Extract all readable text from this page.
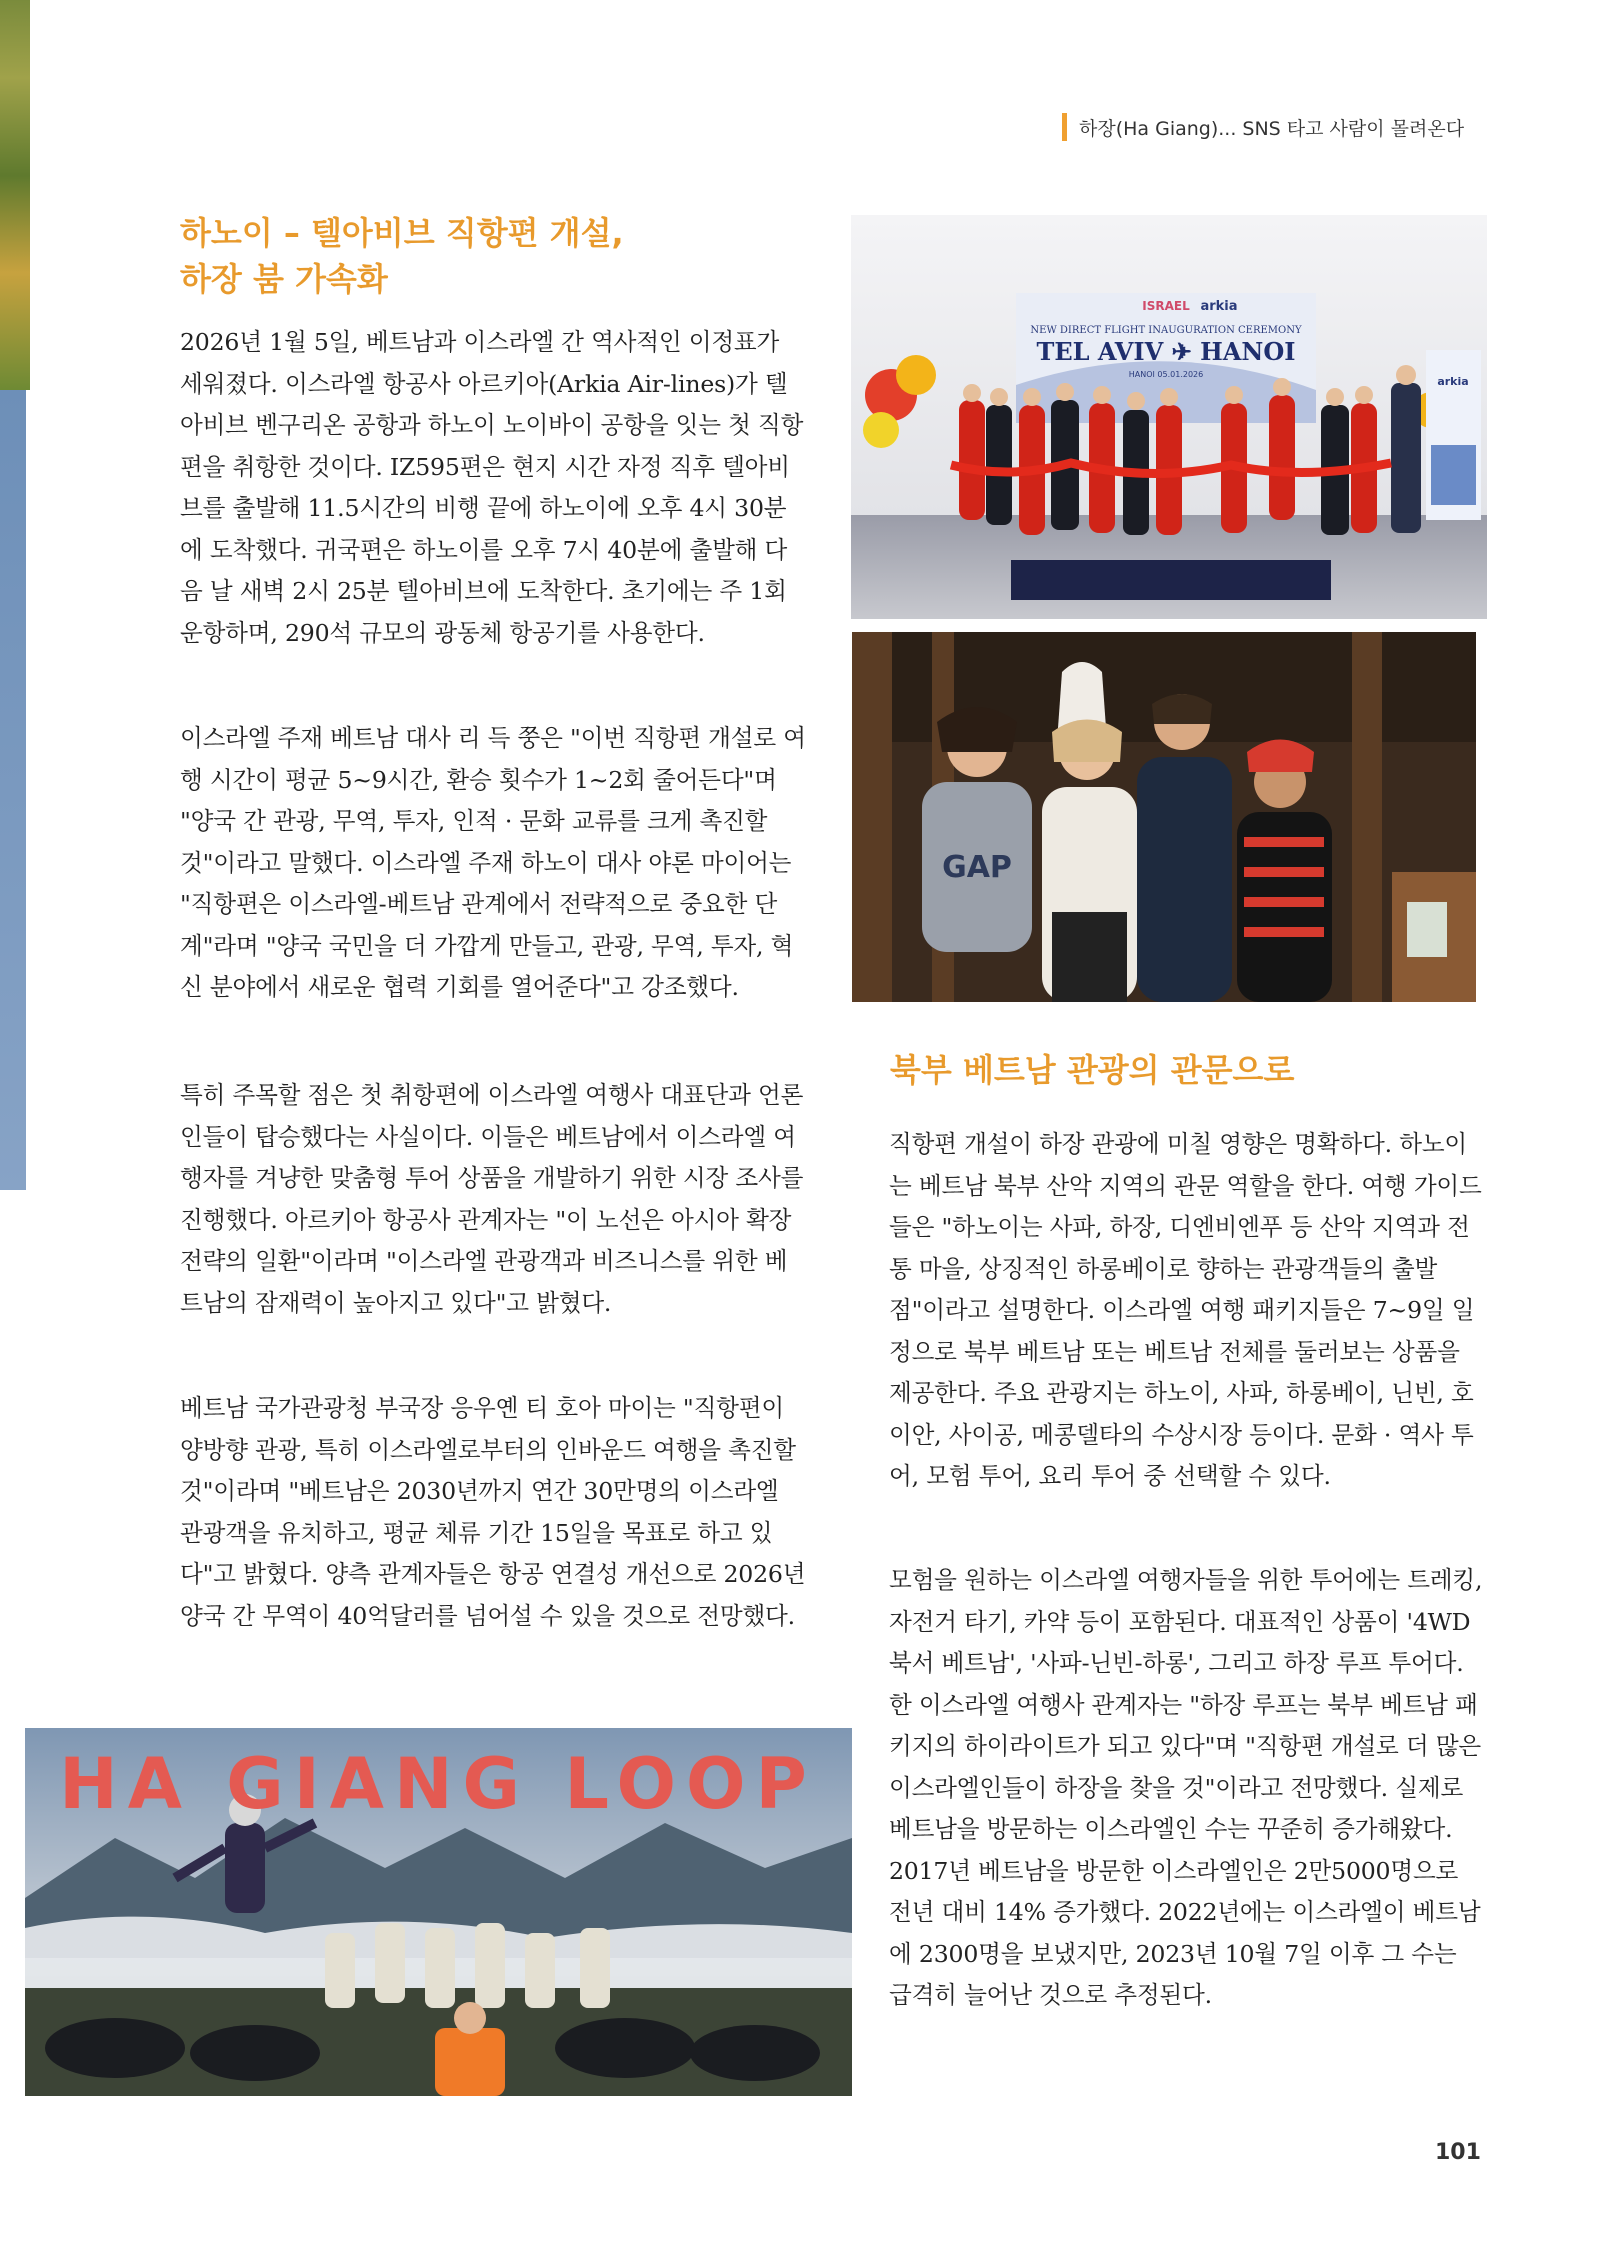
하장(Ha Giang)... SNS 타고 사람이 몰려온다
하노이 – 텔아비브 직항편 개설,
하장 붐 가속화

2026년 1월 5일, 베트남과 이스라엘 간 역사적인 이정표가 세워졌다. 이스라엘 항공사 아르키아(Arkia Air-lines)가 텔아비브 벤구리온 공항과 하노이 노이바이 공항을 잇는 첫 직항편을 취항한 것이다. IZ595편은 현지 시간 자정 직후 텔아비브를 출발해 11.5시간의 비행 끝에 하노이에 오후 4시 30분에 도착했다. 귀국편은 하노이를 오후 7시 40분에 출발해 다음 날 새벽 2시 25분 텔아비브에 도착한다. 초기에는 주 1회 운항하며, 290석 규모의 광동체 항공기를 사용한다.

이스라엘 주재 베트남 대사 리 득 쭝은 "이번 직항편 개설로 여행 시간이 평균 5~9시간, 환승 횟수가 1~2회 줄어든다"며 "양국 간 관광, 무역, 투자, 인적 · 문화 교류를 크게 촉진할 것"이라고 말했다. 이스라엘 주재 하노이 대사 야론 마이어는 "직항편은 이스라엘-베트남 관계에서 전략적으로 중요한 단계"라며 "양국 국민을 더 가깝게 만들고, 관광, 무역, 투자, 혁신 분야에서 새로운 협력 기회를 열어준다"고 강조했다.

특히 주목할 점은 첫 취항편에 이스라엘 여행사 대표단과 언론인들이 탑승했다는 사실이다. 이들은 베트남에서 이스라엘 여행자를 겨냥한 맞춤형 투어 상품을 개발하기 위한 시장 조사를 진행했다. 아르키아 항공사 관계자는 "이 노선은 아시아 확장 전략의 일환"이라며 "이스라엘 관광객과 비즈니스를 위한 베트남의 잠재력이 높아지고 있다"고 밝혔다.

베트남 국가관광청 부국장 응우옌 티 호아 마이는 "직항편이 양방향 관광, 특히 이스라엘로부터의 인바운드 여행을 촉진할 것"이라며 "베트남은 2030년까지 연간 30만명의 이스라엘 관광객을 유치하고, 평균 체류 기간 15일을 목표로 하고 있다"고 밝혔다. 양측 관계자들은 항공 연결성 개선으로 2026년 양국 간 무역이 40억달러를 넘어설 수 있을 것으로 전망했다.

ISRAEL arkia
NEW DIRECT FLIGHT INAUGURATION CEREMONY
TEL AVIV ✈ HANOI
HANOI 05.01.2026
arkia
GAP
북부 베트남 관광의 관문으로

직항편 개설이 하장 관광에 미칠 영향은 명확하다. 하노이는 베트남 북부 산악 지역의 관문 역할을 한다. 여행 가이드들은 "하노이는 사파, 하장, 디엔비엔푸 등 산악 지역과 전통 마을, 상징적인 하롱베이로 향하는 관광객들의 출발점"이라고 설명한다. 이스라엘 여행 패키지들은 7~9일 일정으로 북부 베트남 또는 베트남 전체를 둘러보는 상품을 제공한다. 주요 관광지는 하노이, 사파, 하롱베이, 닌빈, 호이안, 사이공, 메콩델타의 수상시장 등이다. 문화 · 역사 투어, 모험 투어, 요리 투어 중 선택할 수 있다.

모험을 원하는 이스라엘 여행자들을 위한 투어에는 트레킹, 자전거 타기, 카약 등이 포함된다. 대표적인 상품이 '4WD 북서 베트남', '사파-닌빈-하롱', 그리고 하장 루프 투어다. 한 이스라엘 여행사 관계자는 "하장 루프는 북부 베트남 패키지의 하이라이트가 되고 있다"며 "직항편 개설로 더 많은 이스라엘인들이 하장을 찾을 것"이라고 전망했다. 실제로 베트남을 방문하는 이스라엘인 수는 꾸준히 증가해왔다. 2017년 베트남을 방문한 이스라엘인은 2만5000명으로 전년 대비 14% 증가했다. 2022년에는 이스라엘이 베트남에 2300명을 보냈지만, 2023년 10월 7일 이후 그 수는 급격히 늘어난 것으로 추정된다.

HA GIANG LOOP
101
